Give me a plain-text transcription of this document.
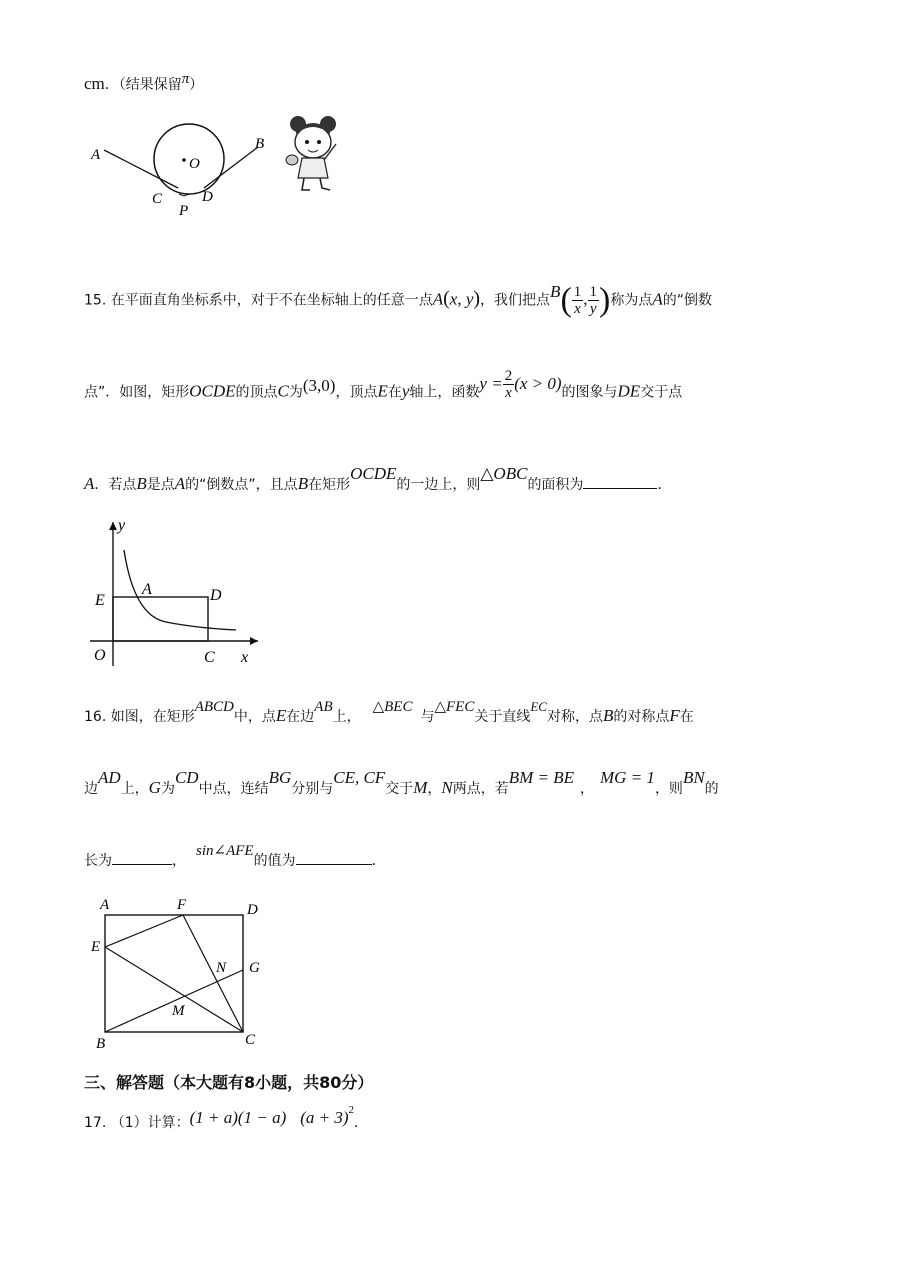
cm．（结果保留π）
A
B
O
C	D
P
15. 在平面直角坐标系中，对于不在坐标轴上的任意一点A(x, y)，我们把点$B( \frac{1}{x}$ , $\frac{1}{y}$ )称为点A的“倒数
点”．如图，矩形OCDE的顶点C为(3,0)，顶点E在y轴上，函数$y = \frac{2}{x} (x > 0)$的图象与DE交于点
A．若点B是点A的“倒数点”，且点B在矩形OCDE的一边上，则△OBC的面积为	．
y
x
E
A	D
O	C
16. 如图，在矩形ABCD中，点E在边AB上，△BEC与△FEC关于直线EC对称，点B的对称点F在
边AD上，G为CD中点，连结BG分别与CE, CF交于M，N两点，若BM = BE，MG = 1，则BN的
长为	，sin∠AFE的值为	．
A	F	D
E
N G
M
B	C
三、解答题（本大题有8小题，共80分）
17. （1）计算：(1 + a)(1 − a) $(a + 3)^2$．
